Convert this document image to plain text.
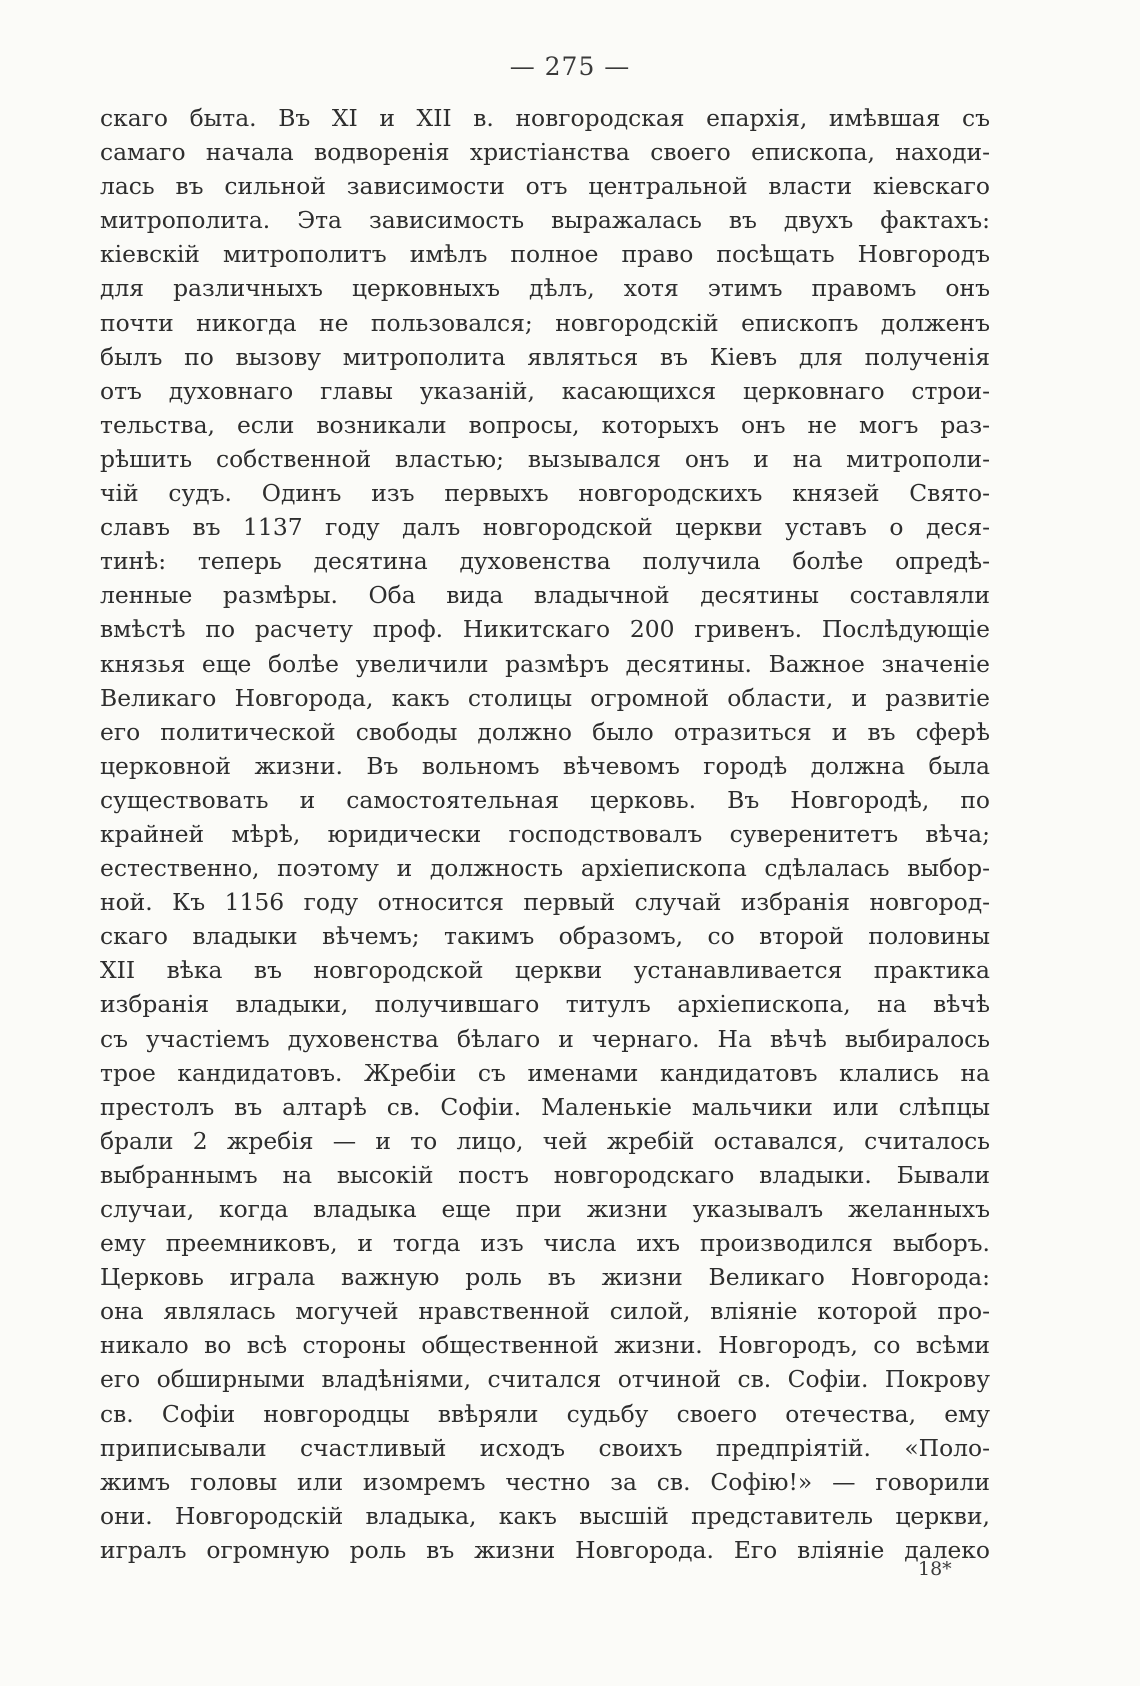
— 275 —
скаго быта. Въ XI и XII в. новгородская епархія, имѣвшая съ
самаго начала водворенія христіанства своего епископа, находи-
лась въ сильной зависимости отъ центральной власти кіевскаго
митрополита. Эта зависимость выражалась въ двухъ фактахъ:
кіевскій митрополитъ имѣлъ полное право посѣщать Новгородъ
для различныхъ церковныхъ дѣлъ, хотя этимъ правомъ онъ
почти никогда не пользовался; новгородскій епископъ долженъ
былъ по вызову митрополита являться въ Кіевъ для полученія
отъ духовнаго главы указаній, касающихся церковнаго строи-
тельства, если возникали вопросы, которыхъ онъ не могъ раз-
рѣшить собственной властью; вызывался онъ и на митрополи-
чій судъ. Одинъ изъ первыхъ новгородскихъ князей Свято-
славъ въ 1137 году далъ новгородской церкви уставъ о деся-
тинѣ: теперь десятина духовенства получила болѣе опредѣ-
ленные размѣры. Оба вида владычной десятины составляли
вмѣстѣ по расчету проф. Никитскаго 200 гривенъ. Послѣдующіе
князья еще болѣе увеличили размѣръ десятины. Важное значеніе
Великаго Новгорода, какъ столицы огромной области, и развитіе
его политической свободы должно было отразиться и въ сферѣ
церковной жизни. Въ вольномъ вѣчевомъ городѣ должна была
существовать и самостоятельная церковь. Въ Новгородѣ, по
крайней мѣрѣ, юридически господствовалъ суверенитетъ вѣча;
естественно, поэтому и должность архіепископа сдѣлалась выбор-
ной. Къ 1156 году относится первый случай избранія новгород-
скаго владыки вѣчемъ; такимъ образомъ, со второй половины
XII вѣка въ новгородской церкви устанавливается практика
избранія владыки, получившаго титулъ архіепископа, на вѣчѣ
съ участіемъ духовенства бѣлаго и чернаго. На вѣчѣ выбиралось
трое кандидатовъ. Жребіи съ именами кандидатовъ клались на
престолъ въ алтарѣ св. Софіи. Маленькіе мальчики или слѣпцы
брали 2 жребія — и то лицо, чей жребій оставался, считалось
выбраннымъ на высокій постъ новгородскаго владыки. Бывали
случаи, когда владыка еще при жизни указывалъ желанныхъ
ему преемниковъ, и тогда изъ числа ихъ производился выборъ.
Церковь играла важную роль въ жизни Великаго Новгорода:
она являлась могучей нравственной силой, вліяніе которой про-
никало во всѣ стороны общественной жизни. Новгородъ, со всѣми
его обширными владѣніями, считался отчиной св. Софіи. Покрову
св. Софіи новгородцы ввѣряли судьбу своего отечества, ему
приписывали счастливый исходъ своихъ предпріятій. «Поло-
жимъ головы или изомремъ честно за св. Софію!» — говорили
они. Новгородскій владыка, какъ высшій представитель церкви,
игралъ огромную роль въ жизни Новгорода. Его вліяніе далеко
18*
